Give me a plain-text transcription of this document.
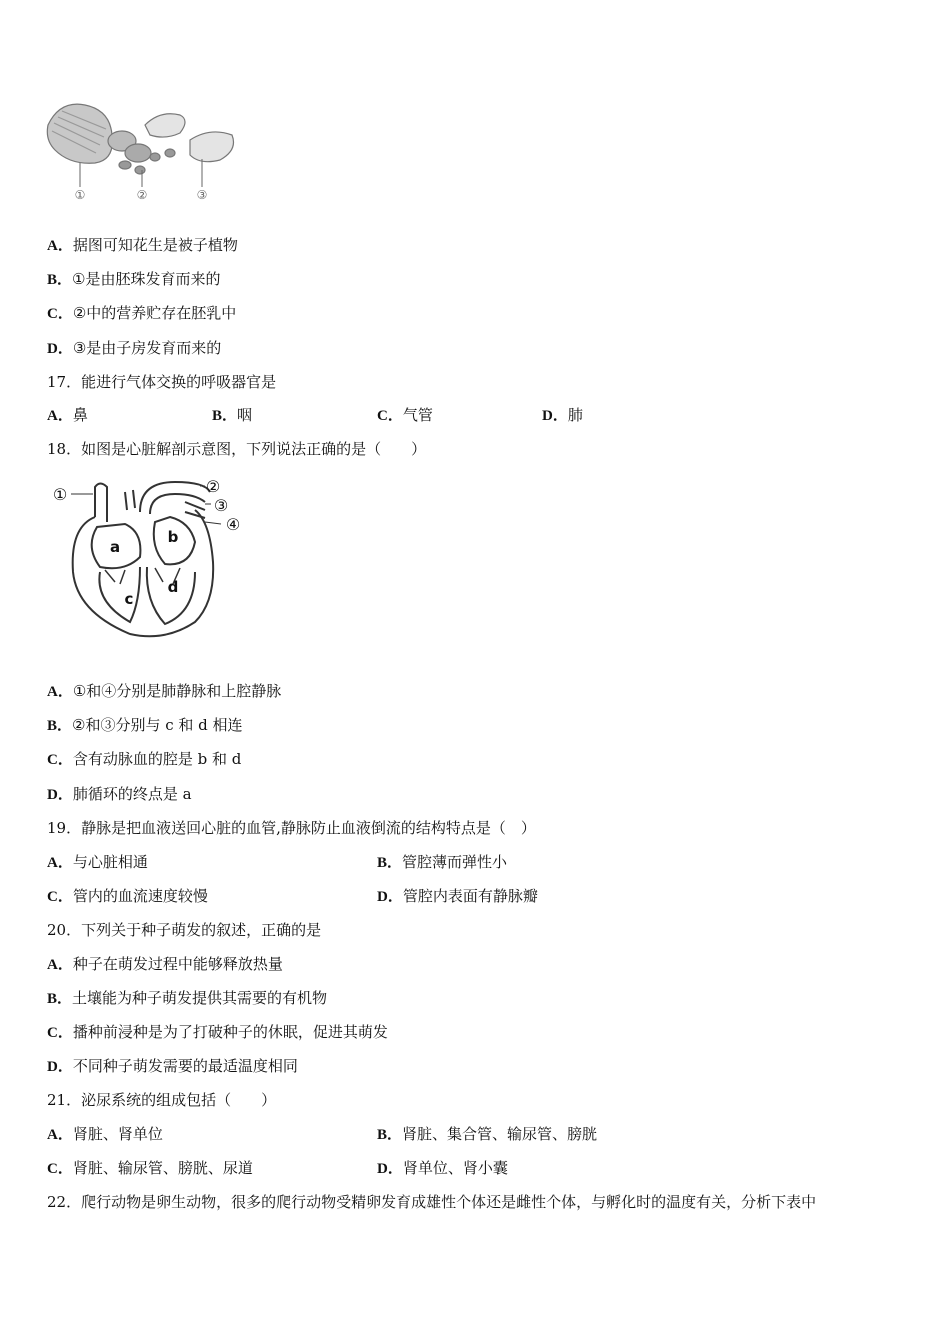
①	②	③
A．据图可知花生是被子植物
B．①是由胚珠发育而来的
C．②中的营养贮存在胚乳中
D．③是由子房发育而来的
17．能进行气体交换的呼吸器官是
A．鼻	B．咽	C．气管	D．肺
18．如图是心脏解剖示意图，下列说法正确的是（　　）
①	②
③
④
a
b
c
d
A．①和④分别是肺静脉和上腔静脉
B．②和③分别与 c 和 d 相连
C．含有动脉血的腔是 b 和 d
D．肺循环的终点是 a
19．静脉是把血液送回心脏的血管,静脉防止血液倒流的结构特点是（　）
A．与心脏相通	B．管腔薄而弹性小
C．管内的血流速度较慢	D．管腔内表面有静脉瓣
20．下列关于种子萌发的叙述，正确的是
A．种子在萌发过程中能够释放热量
B．土壤能为种子萌发提供其需要的有机物
C．播种前浸种是为了打破种子的休眠，促进其萌发
D．不同种子萌发需要的最适温度相同
21．泌尿系统的组成包括（　　）
A．肾脏、肾单位	B．肾脏、集合管、输尿管、膀胱
C．肾脏、输尿管、膀胱、尿道	D．肾单位、肾小囊
22．爬行动物是卵生动物，很多的爬行动物受精卵发育成雄性个体还是雌性个体，与孵化时的温度有关，分析下表中
